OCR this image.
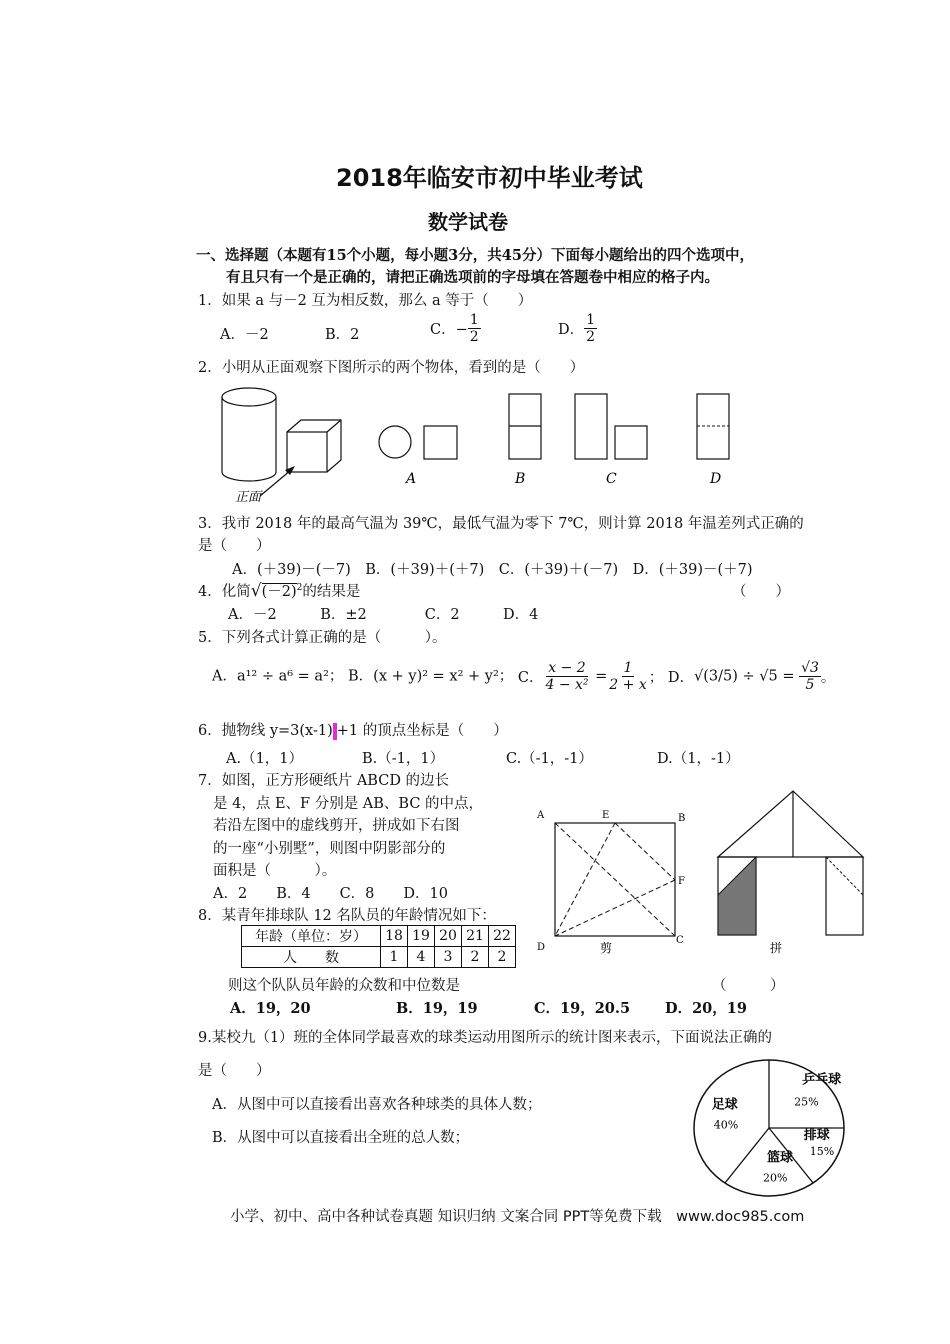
2018年临安市初中毕业考试
数学试卷
一、选择题（本题有15个小题，每小题3分，共45分）下面每小题给出的四个选项中，
有且只有一个是正确的，请把正确选项前的字母填在答题卷中相应的格子内。
1．如果 a 与－2 互为相反数，那么 a 等于（　　）
A．－2	B．2	C．− $\frac{1}{2}$	D． $\frac{1}{2}$
2．小明从正面观察下图所示的两个物体，看到的是（　　）
正面
A	B	C	D
3．我市 2018 年的最高气温为 39℃，最低气温为零下 7℃，则计算 2018 年温差列式正确的
是（　　）
A．(＋39)－(－7)　B．(＋39)＋(＋7)　C．(＋39)＋(－7)　D．(＋39)－(＋7)
4．化简$√(-2)^2$的结果是	（　　）
A．－2　　　B．±2　　　　C．2　　　D．4
5．下列各式计算正确的是（　　　）。
A．a¹² ÷ a⁶ = a²； B．(x + y)² = x² + y²； C． $\frac{x - 2}{\text{4 − x²}} = \frac{1}{2 + x}$ ； D．$√(3/5) \div √5 = \frac{√3}{5}$ 。
6．抛物线 y=3(x-1) +1 的顶点坐标是（　　）
A.（1，1）	B.（-1，1）	C.（-1，-1）	D.（1，-1）
7．如图，正方形硬纸片 ABCD 的边长
是 4，点 E、F 分别是 AB、BC 的中点，
若沿左图中的虚线剪开，拼成如下右图
的一座“小别墅”，则图中阴影部分的
面积是（　　　）。
A．2　　B．4　　C．8　　D．10
A	E	B
F
C
D	剪	拼
8．某青年排球队 12 名队员的年龄情况如下：
年龄（单位：岁）	18	19	20	21	22
人　　数	1	4	3	2	2
则这个队队员年龄的众数和中位数是	（　　　）
A．19，20	B．19，19	C．19，20.5 D．20，19
9.某校九（1）班的全体同学最喜欢的球类运动用图所示的统计图来表示，下面说法正确的
是（　　）
A．从图中可以直接看出喜欢各种球类的具体人数；
B．从图中可以直接看出全班的总人数；
足球
40%
乒乓球
25%
排球
15%
篮球
20%
小学、初中、高中各种试卷真题 知识归纳 文案合同 PPT等免费下载　www.doc985.com
